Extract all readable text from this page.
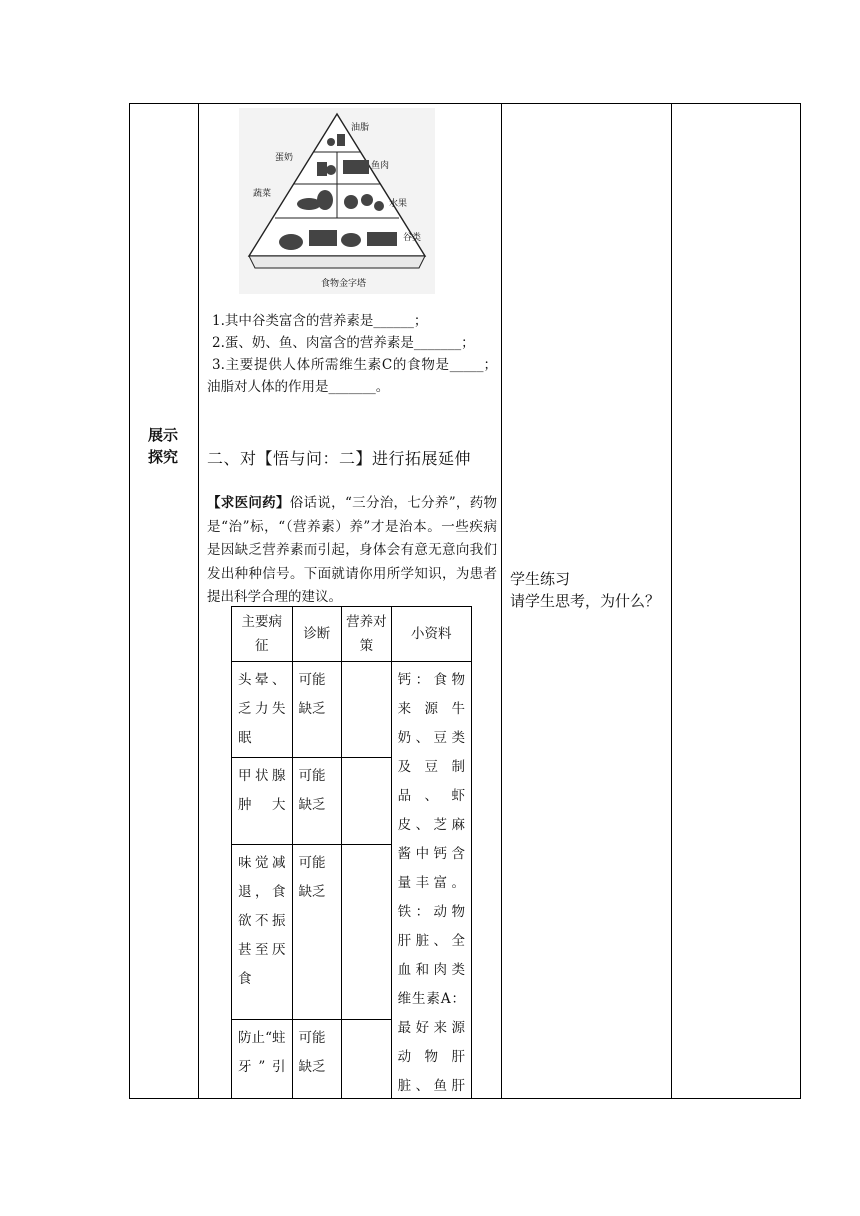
展示探究
油脂
蛋奶
鱼肉
蔬菜
水果
谷类
食物金字塔

1.其中谷类富含的营养素是______；

2.蛋、奶、鱼、肉富含的营养素是_______；

3.主要提供人体所需维生素C的食物是_____；油脂对人体的作用是_______。

二、对【悟与问：二】进行拓展延伸
【求医问药】俗话说，“三分治，七分养”，药物是“治”标，“（营养素）养”才是治本。一些疾病是因缺乏营养素而引起，身体会有意无意向我们发出种种信号。下面就请你用所学知识，为患者提出科学合理的建议。
主要病征	诊断	营养对策	小资料
头晕、乏力失眠	可能缺乏		钙：食物来源牛奶、豆类及豆制品、虾皮、芝麻酱中钙含量丰富。铁：动物肝脏、全血和肉类维生素A：最好来源动物肝脏、鱼肝
甲状腺肿大	可能缺乏		
味觉减退，食欲不振甚至厌食	可能缺乏		
防止“蛀牙”引	可能缺乏		
学生练习
请学生思考，为什么？
